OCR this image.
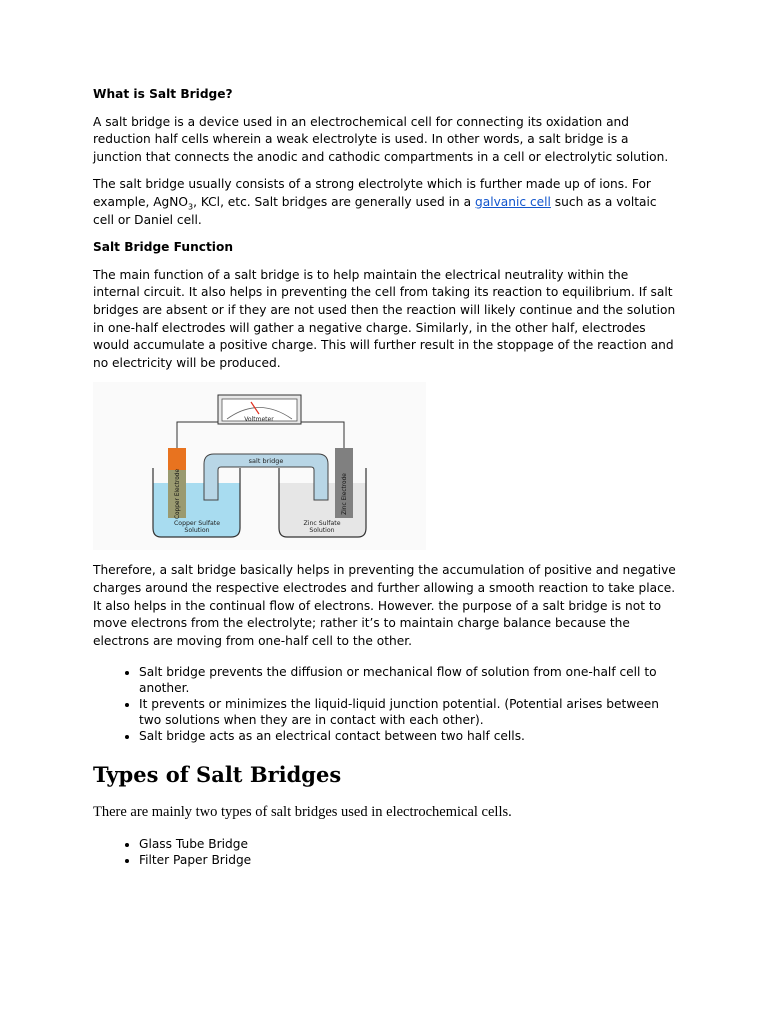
What is Salt Bridge?

A salt bridge is a device used in an electrochemical cell for connecting its oxidation and reduction half cells wherein a weak electrolyte is used. In other words, a salt bridge is a junction that connects the anodic and cathodic compartments in a cell or electrolytic solution.

The salt bridge usually consists of a strong electrolyte which is further made up of ions. For example, AgNO$_3$, KCl, etc. Salt bridges are generally used in a galvanic cell such as a voltaic cell or Daniel cell.

Salt Bridge Function

The main function of a salt bridge is to help maintain the electrical neutrality within the internal circuit. It also helps in preventing the cell from taking its reaction to equilibrium. If salt bridges are absent or if they are not used then the reaction will likely continue and the solution in one-half electrodes will gather a negative charge. Similarly, in the other half, electrodes would accumulate a positive charge. This will further result in the stoppage of the reaction and no electricity will be produced.

Voltmeter
salt bridge
Copper Electrode	Zinc Electrode
Copper Sulfate
Solution
Zinc Sulfate
Solution

Therefore, a salt bridge basically helps in preventing the accumulation of positive and negative charges around the respective electrodes and further allowing a smooth reaction to take place. It also helps in the continual flow of electrons. However. the purpose of a salt bridge is not to move electrons from the electrolyte; rather it’s to maintain charge balance because the electrons are moving from one-half cell to the other.

• Salt bridge prevents the diffusion or mechanical flow of solution from one-half cell to another.
• It prevents or minimizes the liquid-liquid junction potential. (Potential arises between two solutions when they are in contact with each other).
• Salt bridge acts as an electrical contact between two half cells.
Types of Salt Bridges

There are mainly two types of salt bridges used in electrochemical cells.

• Glass Tube Bridge
• Filter Paper Bridge
